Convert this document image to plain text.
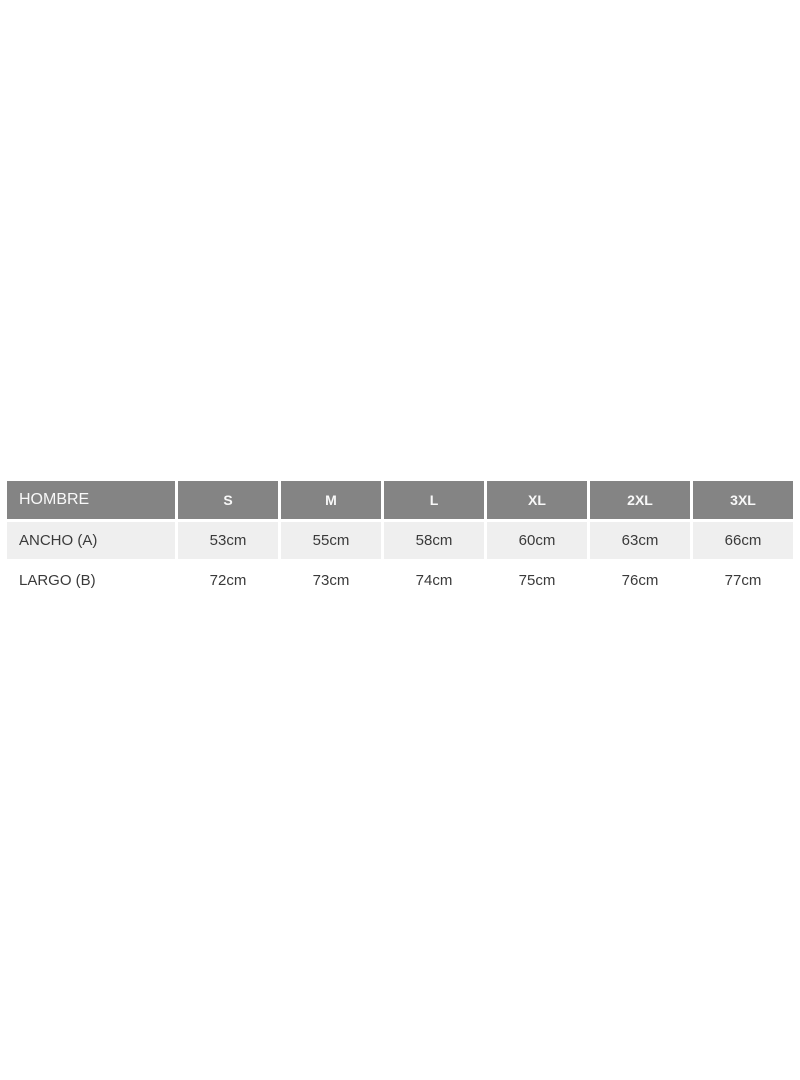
HOMBRE	S	M	L	XL	2XL	3XL
ANCHO (A)	53cm	55cm	58cm	60cm	63cm	66cm
LARGO (B)	72cm	73cm	74cm	75cm	76cm	77cm
